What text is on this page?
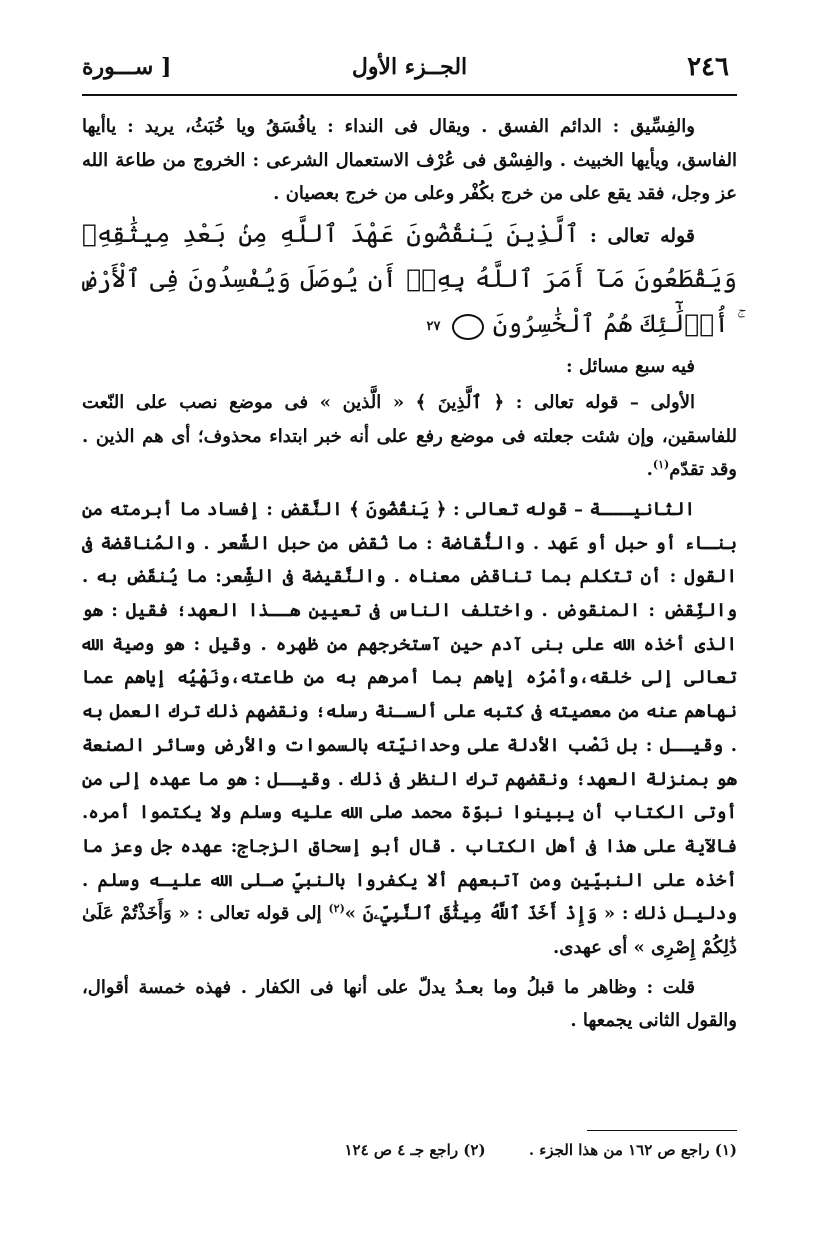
٢٤٦
الجــزء الأول
[ ســـورة

والفِسِّيق : الدائم الفسق . ويقال فى النداء : يافُسَقُ ويا خُبَثُ، يريد : ياأيها الفاسق، ويأيها الخبيث . والفِسْق فى عُرْف الاستعمال الشرعى : الخروج من طاعة الله عز وجل، فقد يقع على من خرج بكُفْر وعلى من خرج بعصيان .

قوله تعالى : ٱلَّذِينَ يَنقُضُونَ عَهْدَ ٱللَّهِ مِنۢ بَعْدِ مِيثَٰقِهِۦ وَيَقْطَعُونَ مَآ أَمَرَ ٱللَّهُ بِهِۦٓ أَن يُوصَلَ وَيُفْسِدُونَ فِى ٱلْأَرْضِ ۚ أُو۟لَٰٓئِكَ هُمُ ٱلْخَٰسِرُونَ ٢٧

فيه سبع مسائل :

الأولى – قوله تعالى : ﴿ ٱلَّذِينَ ﴾ « الَّذين » فى موضع نصب على النّعت للفاسقين، وإن شئت جعلته فى موضع رفع على أنه خبر ابتداء محذوف؛ أى هم الذين . وقد تقدّم$^{(١)}$.

الثانيـــة – قوله تعالى : ﴿ يَنقُضُونَ ﴾ النَّقض : إفساد ما أبرمته من بنـاء أو حبل أو عَهد . والنُّقاضة : ما نُقض من حبل الشّعر . والمُناقضة فى القول : أن تتكلم بما تناقض معناه . والنَّقيضة فى الشِّعر: ما يُنقَض به . والنِّقض : المنقوض . واختلف الناس فى تعيين هــذا العهد؛ فقيل : هو الذى أخذه الله على بنى آدم حين آستخرجهم من ظهره . وقيل : هو وصية الله تعالى إلى خلقه،وأمْرُه إياهم بما أمرهم به من طاعته،ونَهْيُه إياهم عما نهاهم عنه من معصيته فى كتبه على ألسـنة رسله؛ ونقضهم ذلك ترك العمل به . وقيــل : بل نَصْب الأدلة على وحدانيّته بالسموات والأرض وسائر الصنعة هو بمنزلة العهد؛ ونقضهم ترك النظر فى ذلك . وقيــل : هو ما عهده إلى من أوتى الكتاب أن يبينوا نبوّة محمد صلى الله عليه وسلم ولا يكتموا أمره. فالآية على هذا فى أهل الكتاب . قال أبو إسحاق الزجاج: عهده جل وعز ما أخذه على النبيّين ومن آتبعهم ألا يكفروا بالنبيّ صـلى الله عليـه وسلم . ودليـل ذلك : « وَإِذْ أَخَذَ ٱللَّهُ مِيثَٰقَ ٱلنَّبِيِّۦنَ »$^{(٢)}$ إلى قوله تعالى : « وَأَخَذْتُمْ عَلَىٰ ذَٰلِكُمْ إِصْرِى » أى عهدى.

قلت : وظاهر ما قبلُ وما بعـدُ يدلّ على أنها فى الكفار . فهذه خمسة أقوال، والقول الثانى يجمعها .

(١) راجع ص ١٦٢ من هذا الجزء . (٢) راجع جـ ٤ ص ١٢٤
